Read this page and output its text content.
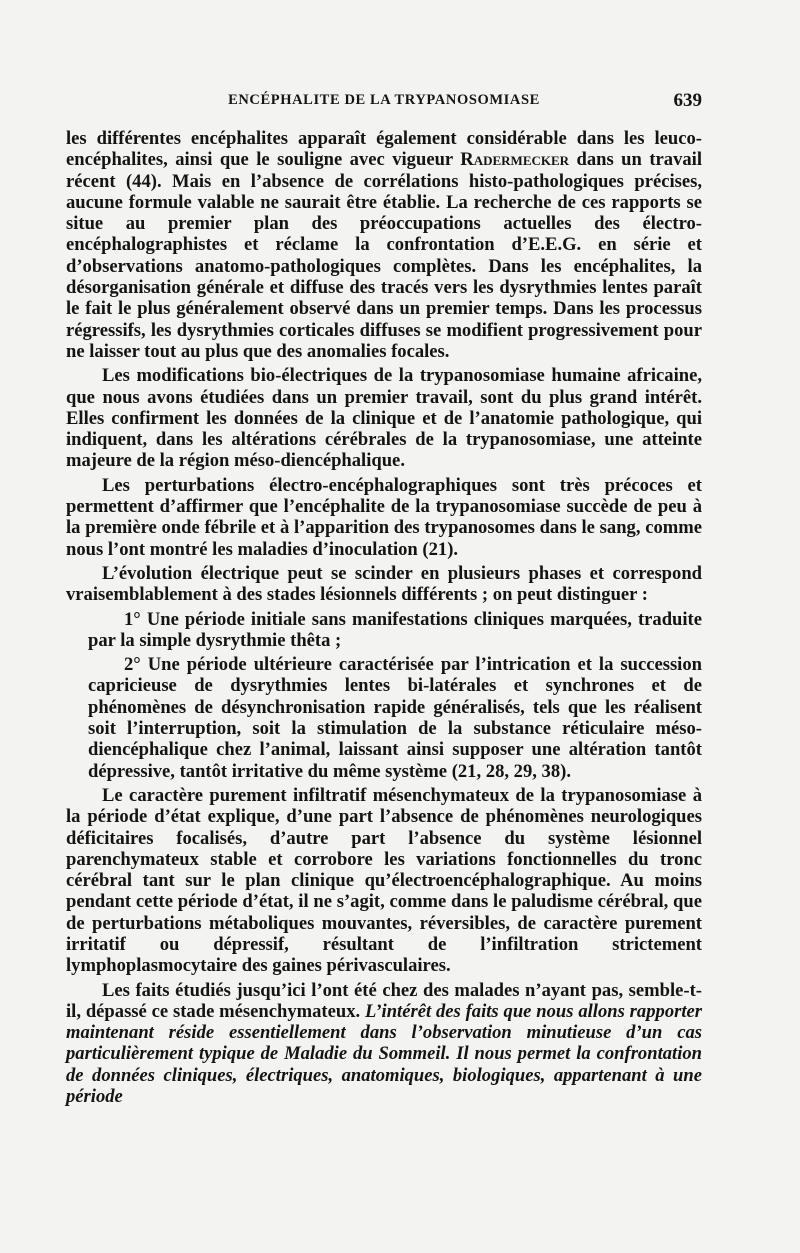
ENCÉPHALITE DE LA TRYPANOSOMIASE	639

les différentes encéphalites apparaît également considérable dans les leuco-encéphalites, ainsi que le souligne avec vigueur Radermecker dans un travail récent (44). Mais en l’absence de corrélations histo-pathologiques précises, aucune formule valable ne saurait être établie. La recherche de ces rapports se situe au premier plan des préoccupations actuelles des électro-encéphalographistes et réclame la confrontation d’E.E.G. en série et d’observations anatomo-pathologiques complètes. Dans les encéphalites, la désorganisation générale et diffuse des tracés vers les dysrythmies lentes paraît le fait le plus généralement observé dans un premier temps. Dans les processus régressifs, les dysrythmies corticales diffuses se modifient progressivement pour ne laisser tout au plus que des anomalies focales.

Les modifications bio-électriques de la trypanosomiase humaine africaine, que nous avons étudiées dans un premier travail, sont du plus grand intérêt. Elles confirment les données de la clinique et de l’anatomie pathologique, qui indiquent, dans les altérations cérébrales de la trypanosomiase, une atteinte majeure de la région méso-diencéphalique.

Les perturbations électro-encéphalographiques sont très précoces et permettent d’affirmer que l’encéphalite de la trypanosomiase succède de peu à la première onde fébrile et à l’apparition des trypanosomes dans le sang, comme nous l’ont montré les maladies d’inoculation (21).

L’évolution électrique peut se scinder en plusieurs phases et correspond vraisemblablement à des stades lésionnels différents ; on peut distinguer :

1° Une période initiale sans manifestations cliniques marquées, traduite par la simple dysrythmie thêta ;

2° Une période ultérieure caractérisée par l’intrication et la succession capricieuse de dysrythmies lentes bi-latérales et synchrones et de phénomènes de désynchronisation rapide généralisés, tels que les réalisent soit l’interruption, soit la stimulation de la substance réticulaire méso-diencéphalique chez l’animal, laissant ainsi supposer une altération tantôt dépressive, tantôt irritative du même système (21, 28, 29, 38).

Le caractère purement infiltratif mésenchymateux de la trypanosomiase à la période d’état explique, d’une part l’absence de phénomènes neurologiques déficitaires focalisés, d’autre part l’absence du système lésionnel parenchymateux stable et corrobore les variations fonctionnelles du tronc cérébral tant sur le plan clinique qu’électroencéphalographique. Au moins pendant cette période d’état, il ne s’agit, comme dans le paludisme cérébral, que de perturbations métaboliques mouvantes, réversibles, de caractère purement irritatif ou dépressif, résultant de l’infiltration strictement lymphoplasmocytaire des gaines périvasculaires.

Les faits étudiés jusqu’ici l’ont été chez des malades n’ayant pas, semble-t-il, dépassé ce stade mésenchymateux. L’intérêt des faits que nous allons rapporter maintenant réside essentiellement dans l’observation minutieuse d’un cas particulièrement typique de Maladie du Sommeil. Il nous permet la confrontation de données cliniques, électriques, anatomiques, biologiques, appartenant à une période
